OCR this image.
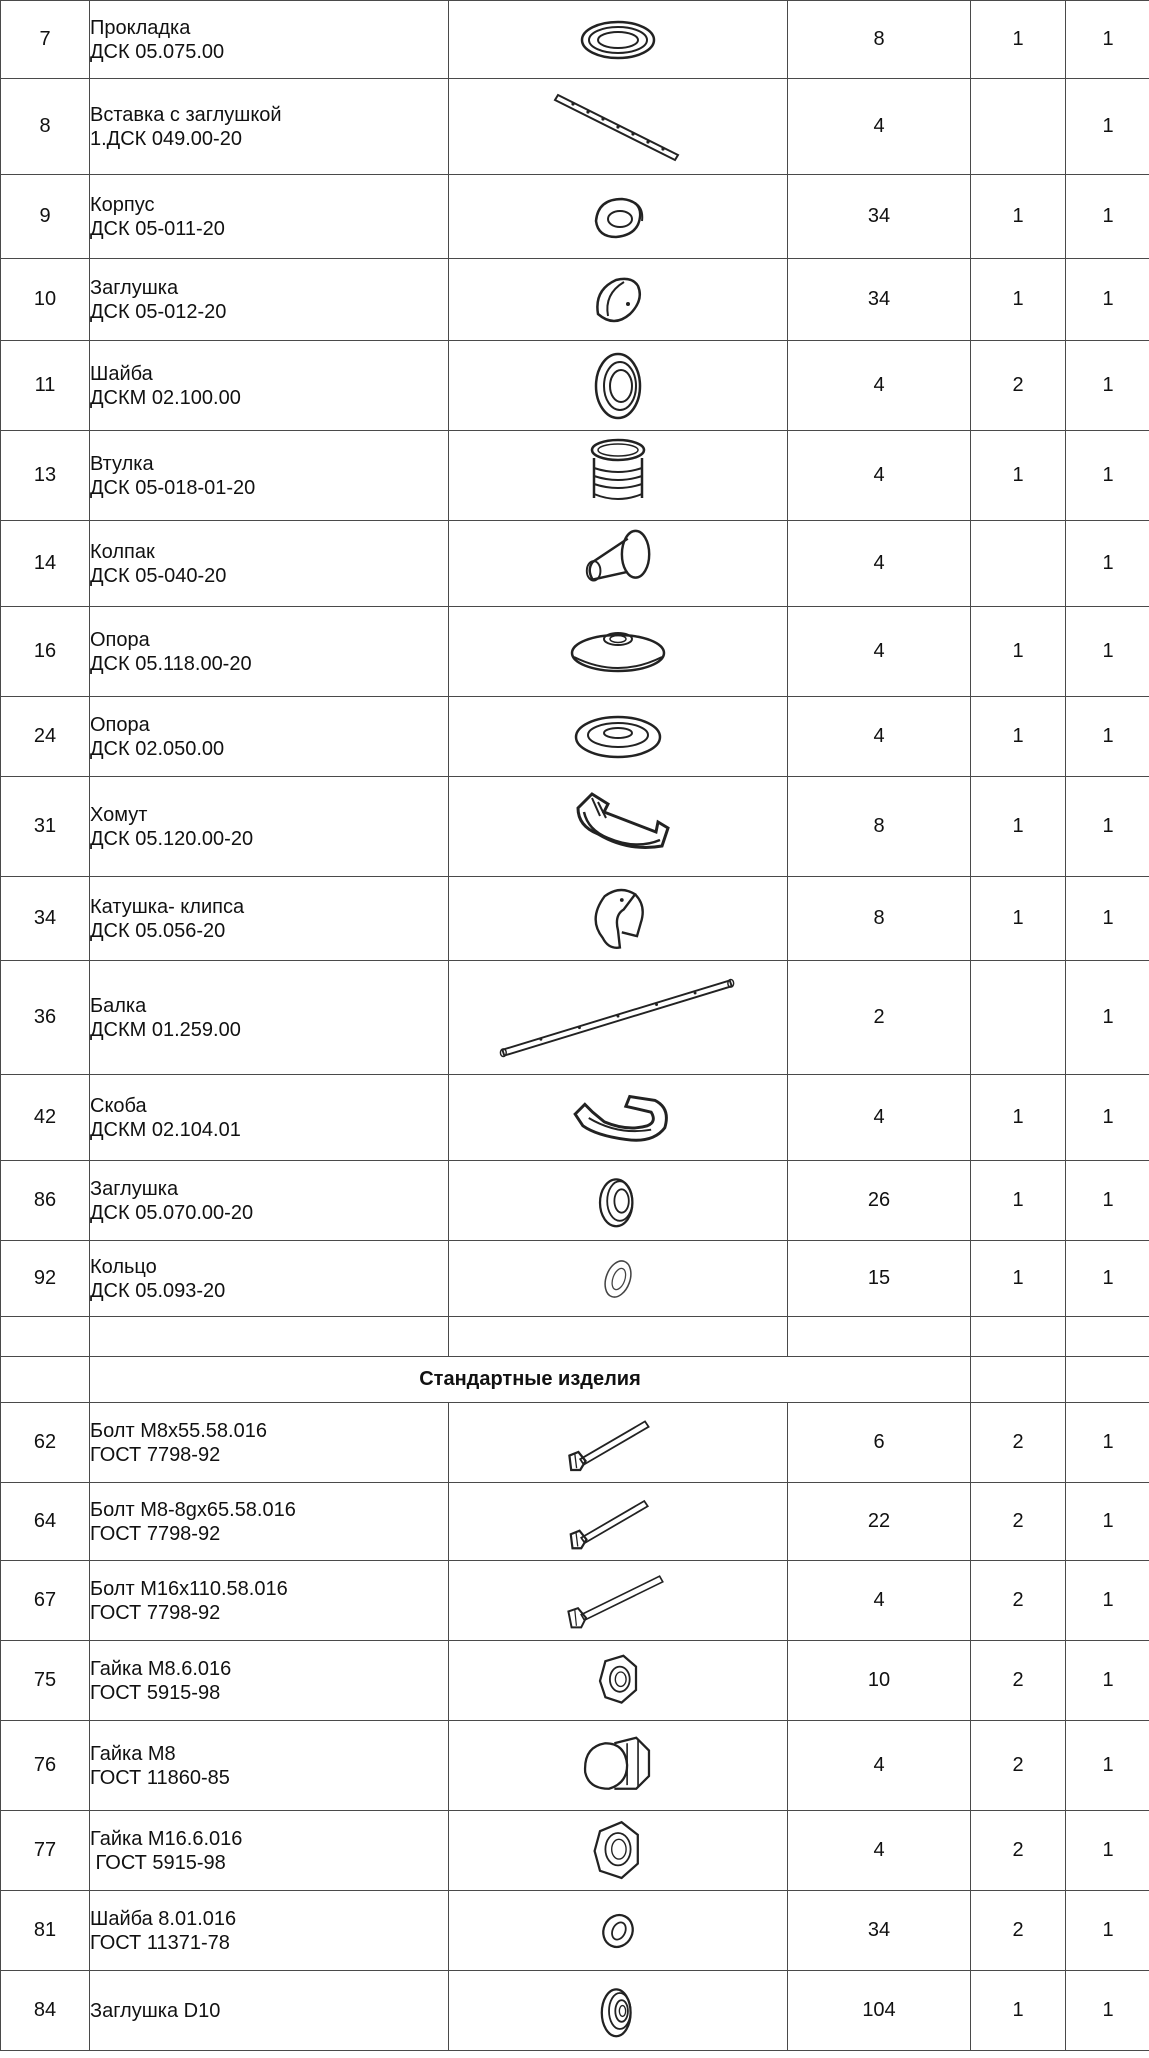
7	Прокладка
ДСК 05.075.00		8	1	1
8	Вставка с заглушкой
1.ДСК 049.00-20		4		1
9	Корпус
ДСК 05-011-20		34	1	1
10	Заглушка
ДСК 05-012-20		34	1	1
11	Шайба
ДСКМ 02.100.00		4	2	1
13	Втулка
ДСК 05-018-01-20		4	1	1
14	Колпак
ДСК 05-040-20		4		1
16	Опора
ДСК 05.118.00-20		4	1	1
24	Опора
ДСК 02.050.00		4	1	1
31	Хомут
ДСК 05.120.00-20		8	1	1
34	Катушка- клипса
ДСК 05.056-20		8	1	1
36	Балка
ДСКМ 01.259.00		2		1
42	Скоба
ДСКМ 02.104.01		4	1	1
86	Заглушка
ДСК 05.070.00-20		26	1	1
92	Кольцо
ДСК 05.093-20		15	1	1

	Стандартные изделия				
62	Болт М8х55.58.016
ГОСТ 7798-92		6	2	1
64	Болт М8-8gх65.58.016
ГОСТ 7798-92		22	2	1
67	Болт М16х110.58.016
ГОСТ 7798-92		4	2	1
75	Гайка М8.6.016
ГОСТ 5915-98		10	2	1
76	Гайка М8
ГОСТ 11860-85		4	2	1
77	Гайка М16.6.016
ГОСТ 5915-98		4	2	1
81	Шайба 8.01.016
ГОСТ 11371-78		34	2	1
84	Заглушка D10		104	1	1
